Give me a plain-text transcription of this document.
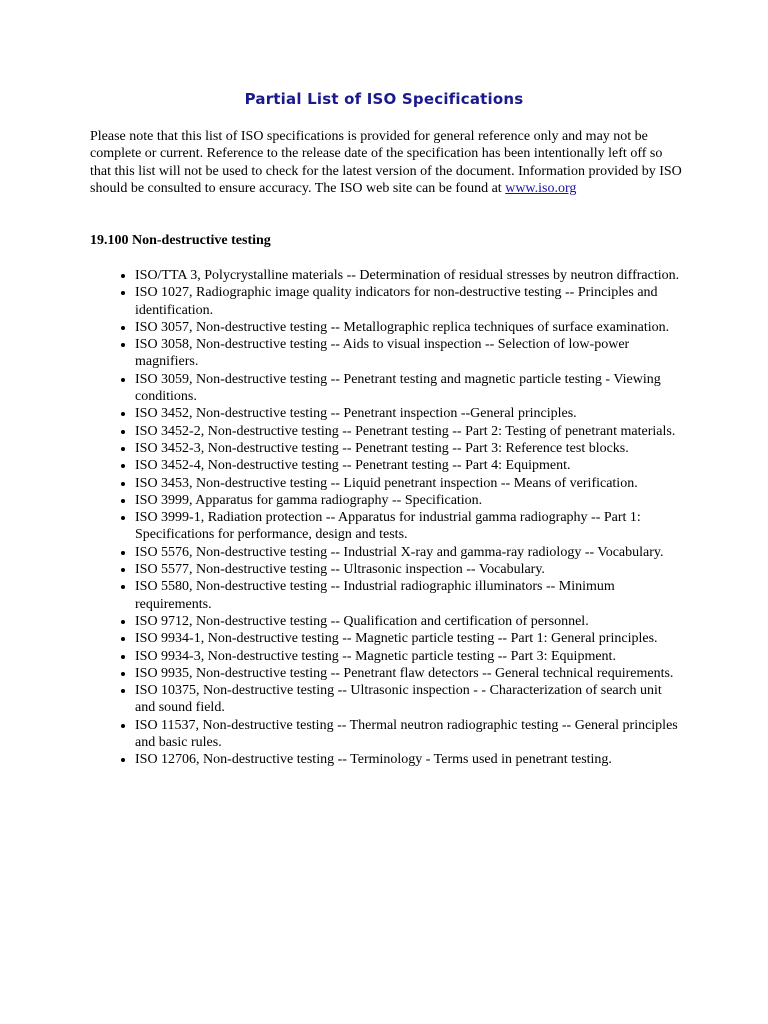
Partial List of ISO Specifications

Please note that this list of ISO specifications is provided for general reference only and may not be complete or current. Reference to the release date of the specification has been intentionally left off so that this list will not be used to check for the latest version of the document. Information provided by ISO should be consulted to ensure accuracy. The ISO web site can be found at www.iso.org

19.100 Non-destructive testing

• ISO/TTA 3, Polycrystalline materials -- Determination of residual stresses by neutron diffraction.
• ISO 1027, Radiographic image quality indicators for non-destructive testing -- Principles and identification.
• ISO 3057, Non-destructive testing -- Metallographic replica techniques of surface examination.
• ISO 3058, Non-destructive testing -- Aids to visual inspection -- Selection of low-power magnifiers.
• ISO 3059, Non-destructive testing -- Penetrant testing and magnetic particle testing - Viewing conditions.
• ISO 3452, Non-destructive testing -- Penetrant inspection --General principles.
• ISO 3452-2, Non-destructive testing -- Penetrant testing -- Part 2: Testing of penetrant materials.
• ISO 3452-3, Non-destructive testing -- Penetrant testing -- Part 3: Reference test blocks.
• ISO 3452-4, Non-destructive testing -- Penetrant testing -- Part 4: Equipment.
• ISO 3453, Non-destructive testing -- Liquid penetrant inspection -- Means of verification.
• ISO 3999, Apparatus for gamma radiography -- Specification.
• ISO 3999-1, Radiation protection -- Apparatus for industrial gamma radiography -- Part 1: Specifications for performance, design and tests.
• ISO 5576, Non-destructive testing -- Industrial X-ray and gamma-ray radiology -- Vocabulary.
• ISO 5577, Non-destructive testing -- Ultrasonic inspection -- Vocabulary.
• ISO 5580, Non-destructive testing -- Industrial radiographic illuminators -- Minimum requirements.
• ISO 9712, Non-destructive testing -- Qualification and certification of personnel.
• ISO 9934-1, Non-destructive testing -- Magnetic particle testing -- Part 1: General principles.
• ISO 9934-3, Non-destructive testing -- Magnetic particle testing -- Part 3: Equipment.
• ISO 9935, Non-destructive testing -- Penetrant flaw detectors -- General technical requirements.
• ISO 10375, Non-destructive testing -- Ultrasonic inspection - - Characterization of search unit and sound field.
• ISO 11537, Non-destructive testing -- Thermal neutron radiographic testing -- General principles and basic rules.
• ISO 12706, Non-destructive testing -- Terminology - Terms used in penetrant testing.
